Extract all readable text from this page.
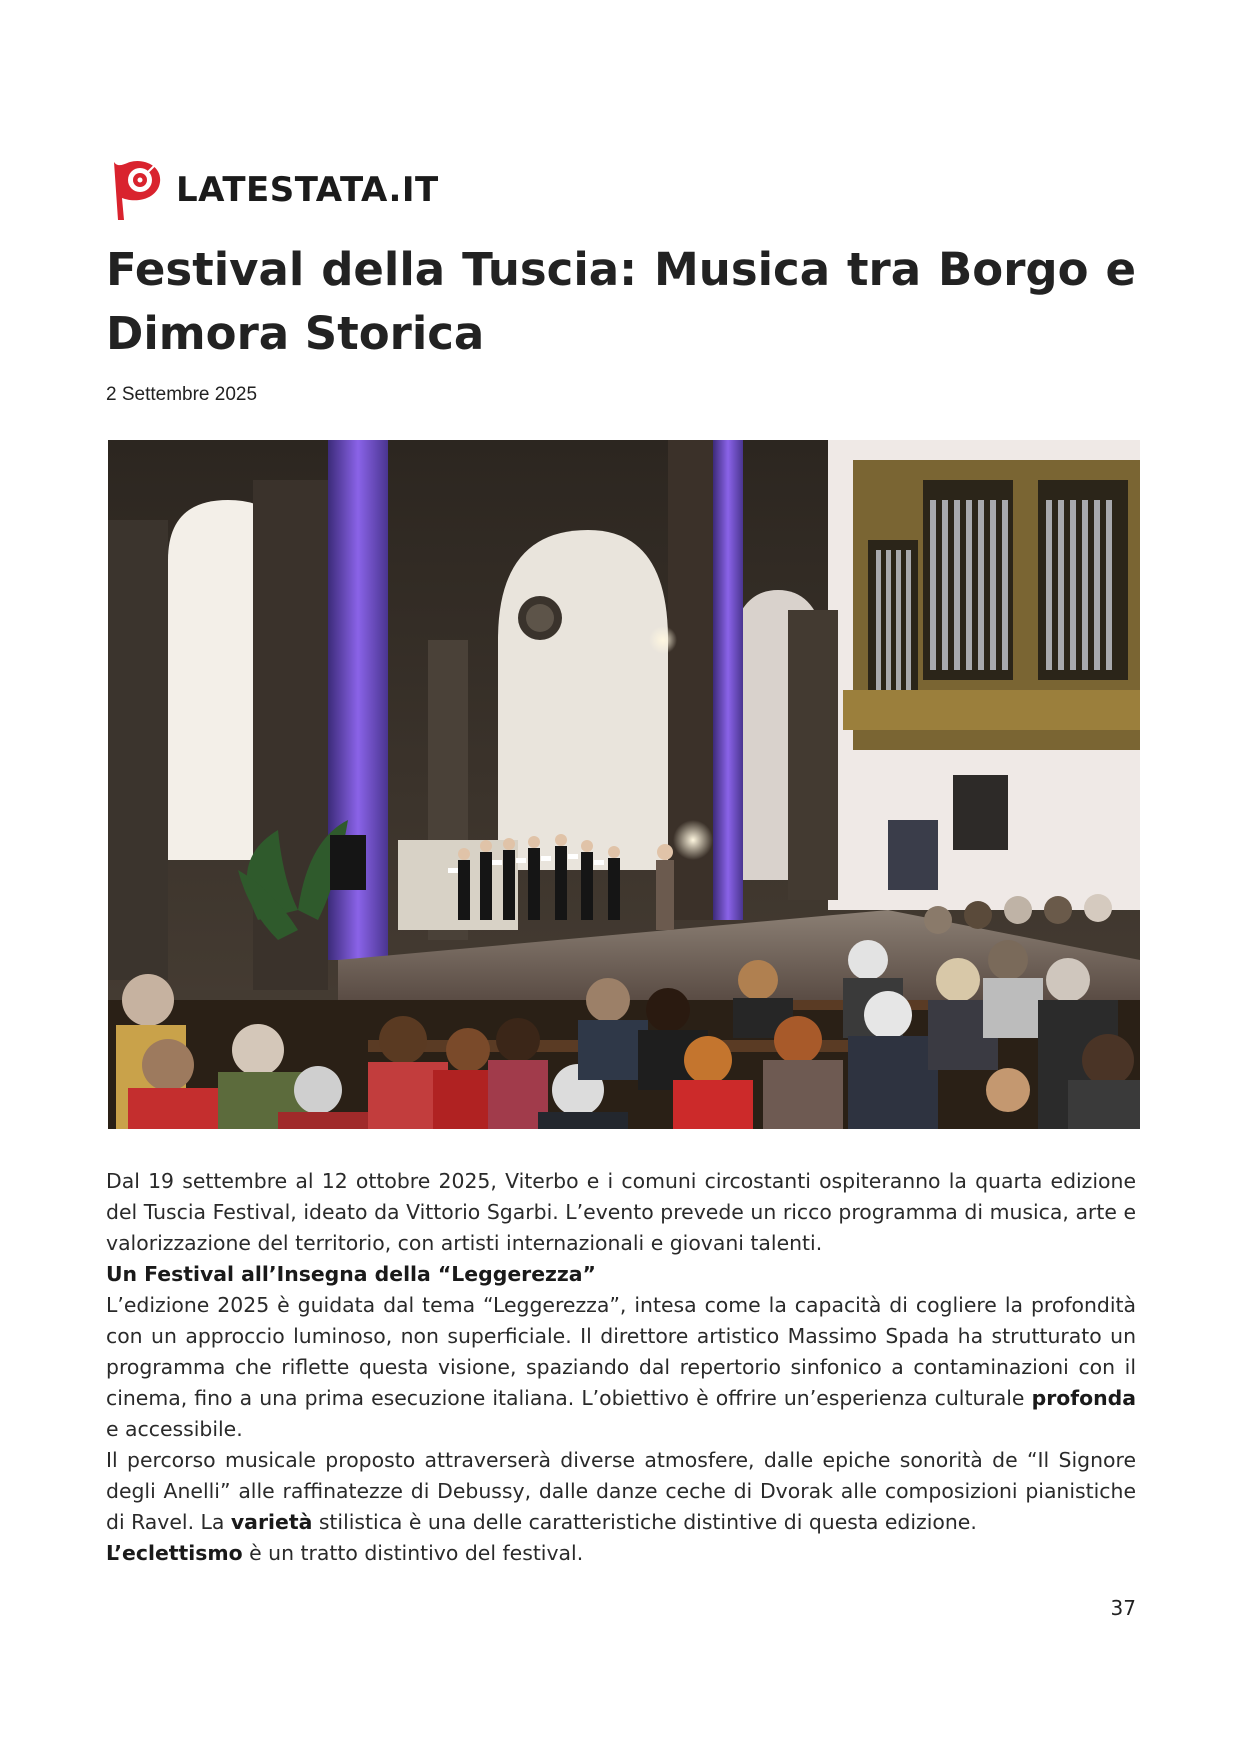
LATESTATA.IT
Festival della Tuscia: Musica tra Borgo e Dimora Storica
2 Settembre 2025

Dal 19 settembre al 12 ottobre 2025, Viterbo e i comuni circostanti ospiteranno la quarta edizione del Tuscia Festival, ideato da Vittorio Sgarbi. L’evento prevede un ricco programma di musica, arte e valorizzazione del territorio, con artisti internazionali e giovani talenti.

Un Festival all’Insegna della “Leggerezza”

L’edizione 2025 è guidata dal tema “Leggerezza”, intesa come la capacità di cogliere la profondità con un approccio luminoso, non superficiale. Il direttore artistico Massimo Spada ha strutturato un programma che riflette questa visione, spaziando dal repertorio sinfonico a contaminazioni con il cinema, fino a una prima esecuzione italiana. L’obiettivo è offrire un’esperienza culturale profonda e accessibile.

Il percorso musicale proposto attraverserà diverse atmosfere, dalle epiche sonorità de “Il Signore degli Anelli” alle raffinatezze di Debussy, dalle danze ceche di Dvorak alle composizioni pianistiche di Ravel. La varietà stilistica è una delle caratteristiche distintive di questa edizione.

L’eclettismo è un tratto distintivo del festival.

37
